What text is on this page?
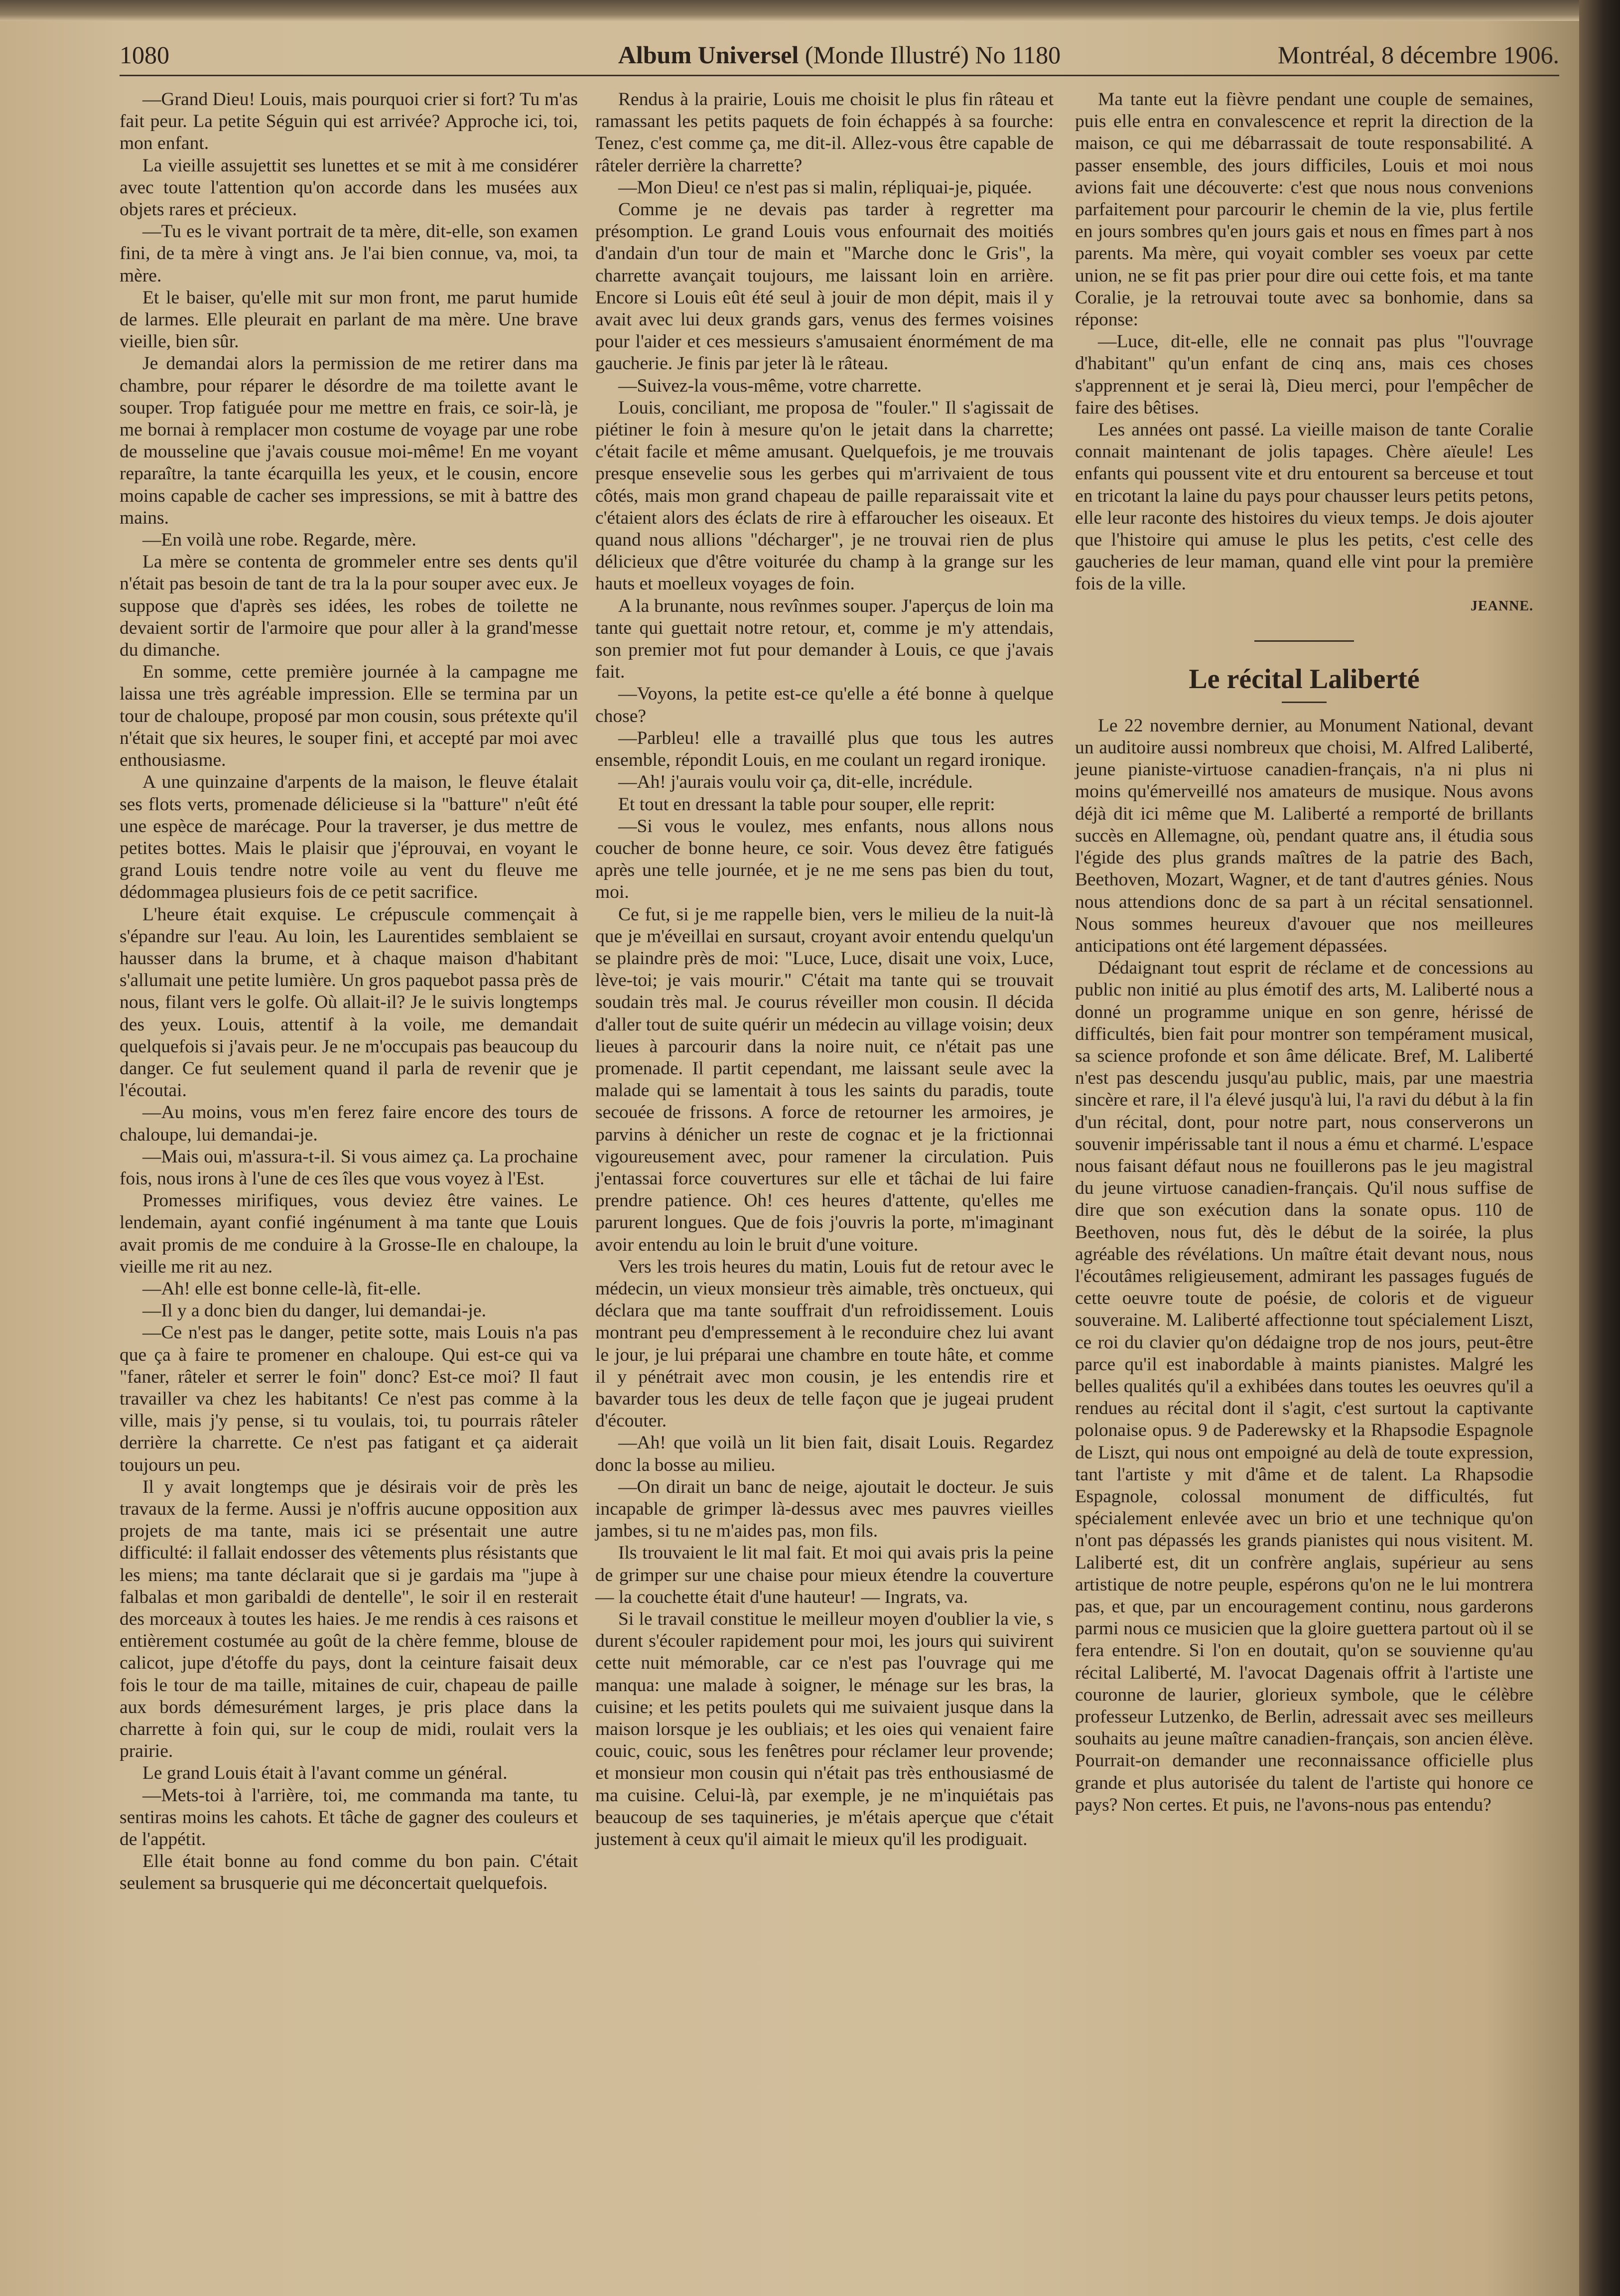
1080	Album Universel (Monde Illustré) No 1180	Montréal, 8 décembre 1906.

—Grand Dieu! Louis, mais pourquoi crier si fort? Tu m'as fait peur. La petite Séguin qui est arrivée? Approche ici, toi, mon enfant.

La vieille assujettit ses lunettes et se mit à me considérer avec toute l'attention qu'on accorde dans les musées aux objets rares et précieux.

—Tu es le vivant portrait de ta mère, dit-elle, son examen fini, de ta mère à vingt ans. Je l'ai bien connue, va, moi, ta mère.

Et le baiser, qu'elle mit sur mon front, me parut humide de larmes. Elle pleurait en parlant de ma mère. Une brave vieille, bien sûr.

Je demandai alors la permission de me retirer dans ma chambre, pour réparer le désordre de ma toilette avant le souper. Trop fatiguée pour me mettre en frais, ce soir-là, je me bornai à remplacer mon costume de voyage par une robe de mousseline que j'avais cousue moi-même! En me voyant reparaître, la tante écarquilla les yeux, et le cousin, encore moins capable de cacher ses impressions, se mit à battre des mains.

—En voilà une robe. Regarde, mère.

La mère se contenta de grommeler entre ses dents qu'il n'était pas besoin de tant de tra la la pour souper avec eux. Je suppose que d'après ses idées, les robes de toilette ne devaient sortir de l'armoire que pour aller à la grand'messe du dimanche.

En somme, cette première journée à la campagne me laissa une très agréable impression. Elle se termina par un tour de chaloupe, proposé par mon cousin, sous prétexte qu'il n'était que six heures, le souper fini, et accepté par moi avec enthousiasme.

A une quinzaine d'arpents de la maison, le fleuve étalait ses flots verts, promenade délicieuse si la "batture" n'eût été une espèce de marécage. Pour la traverser, je dus mettre de petites bottes. Mais le plaisir que j'éprouvai, en voyant le grand Louis tendre notre voile au vent du fleuve me dédommagea plusieurs fois de ce petit sacrifice.

L'heure était exquise. Le crépuscule commençait à s'épandre sur l'eau. Au loin, les Laurentides semblaient se hausser dans la brume, et à chaque maison d'habitant s'allumait une petite lumière. Un gros paquebot passa près de nous, filant vers le golfe. Où allait-il? Je le suivis longtemps des yeux. Louis, attentif à la voile, me demandait quelquefois si j'avais peur. Je ne m'occupais pas beaucoup du danger. Ce fut seulement quand il parla de revenir que je l'écoutai.

—Au moins, vous m'en ferez faire encore des tours de chaloupe, lui demandai-je.

—Mais oui, m'assura-t-il. Si vous aimez ça. La prochaine fois, nous irons à l'une de ces îles que vous voyez à l'Est.

Promesses mirifiques, vous deviez être vaines. Le lendemain, ayant confié ingénument à ma tante que Louis avait promis de me conduire à la Grosse-Ile en chaloupe, la vieille me rit au nez.

—Ah! elle est bonne celle-là, fit-elle.

—Il y a donc bien du danger, lui demandai-je.

—Ce n'est pas le danger, petite sotte, mais Louis n'a pas que ça à faire te promener en chaloupe. Qui est-ce qui va "faner, râteler et serrer le foin" donc? Est-ce moi? Il faut travailler va chez les habitants! Ce n'est pas comme à la ville, mais j'y pense, si tu voulais, toi, tu pourrais râteler derrière la charrette. Ce n'est pas fatigant et ça aiderait toujours un peu.

Il y avait longtemps que je désirais voir de près les travaux de la ferme. Aussi je n'offris aucune opposition aux projets de ma tante, mais ici se présentait une autre difficulté: il fallait endosser des vêtements plus résistants que les miens; ma tante déclarait que si je gardais ma "jupe à falbalas et mon garibaldi de dentelle", le soir il en resterait des morceaux à toutes les haies. Je me rendis à ces raisons et entièrement costumée au goût de la chère femme, blouse de calicot, jupe d'étoffe du pays, dont la ceinture faisait deux fois le tour de ma taille, mitaines de cuir, chapeau de paille aux bords démesurément larges, je pris place dans la charrette à foin qui, sur le coup de midi, roulait vers la prairie.

Le grand Louis était à l'avant comme un général.

—Mets-toi à l'arrière, toi, me commanda ma tante, tu sentiras moins les cahots. Et tâche de gagner des couleurs et de l'appétit.

Elle était bonne au fond comme du bon pain. C'était seulement sa brusquerie qui me déconcertait quelquefois.

Rendus à la prairie, Louis me choisit le plus fin râteau et ramassant les petits paquets de foin échappés à sa fourche: Tenez, c'est comme ça, me dit-il. Allez-vous être capable de râteler derrière la charrette?

—Mon Dieu! ce n'est pas si malin, répliquai-je, piquée.

Comme je ne devais pas tarder à regretter ma présomption. Le grand Louis vous enfournait des moitiés d'andain d'un tour de main et "Marche donc le Gris", la charrette avançait toujours, me laissant loin en arrière. Encore si Louis eût été seul à jouir de mon dépit, mais il y avait avec lui deux grands gars, venus des fermes voisines pour l'aider et ces messieurs s'amusaient énormément de ma gaucherie. Je finis par jeter là le râteau.

—Suivez-la vous-même, votre charrette.

Louis, conciliant, me proposa de "fouler." Il s'agissait de piétiner le foin à mesure qu'on le jetait dans la charrette; c'était facile et même amusant. Quelquefois, je me trouvais presque ensevelie sous les gerbes qui m'arrivaient de tous côtés, mais mon grand chapeau de paille reparaissait vite et c'étaient alors des éclats de rire à effaroucher les oiseaux. Et quand nous allions "décharger", je ne trouvai rien de plus délicieux que d'être voiturée du champ à la grange sur les hauts et moelleux voyages de foin.

A la brunante, nous revînmes souper. J'aperçus de loin ma tante qui guettait notre retour, et, comme je m'y attendais, son premier mot fut pour demander à Louis, ce que j'avais fait.

—Voyons, la petite est-ce qu'elle a été bonne à quelque chose?

—Parbleu! elle a travaillé plus que tous les autres ensemble, répondit Louis, en me coulant un regard ironique.

—Ah! j'aurais voulu voir ça, dit-elle, incrédule.

Et tout en dressant la table pour souper, elle reprit:

—Si vous le voulez, mes enfants, nous allons nous coucher de bonne heure, ce soir. Vous devez être fatigués après une telle journée, et je ne me sens pas bien du tout, moi.

Ce fut, si je me rappelle bien, vers le milieu de la nuit-là que je m'éveillai en sursaut, croyant avoir entendu quelqu'un se plaindre près de moi: "Luce, Luce, disait une voix, Luce, lève-toi; je vais mourir." C'était ma tante qui se trouvait soudain très mal. Je courus réveiller mon cousin. Il décida d'aller tout de suite quérir un médecin au village voisin; deux lieues à parcourir dans la noire nuit, ce n'était pas une promenade. Il partit cependant, me laissant seule avec la malade qui se lamentait à tous les saints du paradis, toute secouée de frissons. A force de retourner les armoires, je parvins à dénicher un reste de cognac et je la frictionnai vigoureusement avec, pour ramener la circulation. Puis j'entassai force couvertures sur elle et tâchai de lui faire prendre patience. Oh! ces heures d'attente, qu'elles me parurent longues. Que de fois j'ouvris la porte, m'imaginant avoir entendu au loin le bruit d'une voiture.

Vers les trois heures du matin, Louis fut de retour avec le médecin, un vieux monsieur très aimable, très onctueux, qui déclara que ma tante souffrait d'un refroidissement. Louis montrant peu d'empressement à le reconduire chez lui avant le jour, je lui préparai une chambre en toute hâte, et comme il y pénétrait avec mon cousin, je les entendis rire et bavarder tous les deux de telle façon que je jugeai prudent d'écouter.

—Ah! que voilà un lit bien fait, disait Louis. Regardez donc la bosse au milieu.

—On dirait un banc de neige, ajoutait le docteur. Je suis incapable de grimper là-dessus avec mes pauvres vieilles jambes, si tu ne m'aides pas, mon fils.

Ils trouvaient le lit mal fait. Et moi qui avais pris la peine de grimper sur une chaise pour mieux étendre la couverture — la couchette était d'une hauteur! — Ingrats, va.

Si le travail constitue le meilleur moyen d'oublier la vie, s durent s'écouler rapidement pour moi, les jours qui suivirent cette nuit mémorable, car ce n'est pas l'ouvrage qui me manqua: une malade à soigner, le ménage sur les bras, la cuisine; et les petits poulets qui me suivaient jusque dans la maison lorsque je les oubliais; et les oies qui venaient faire couic, couic, sous les fenêtres pour réclamer leur provende; et monsieur mon cousin qui n'était pas très enthousiasmé de ma cuisine. Celui-là, par exemple, je ne m'inquiétais pas beaucoup de ses taquineries, je m'étais aperçue que c'était justement à ceux qu'il aimait le mieux qu'il les prodiguait.

Ma tante eut la fièvre pendant une couple de semaines, puis elle entra en convalescence et reprit la direction de la maison, ce qui me débarrassait de toute responsabilité. A passer ensemble, des jours difficiles, Louis et moi nous avions fait une découverte: c'est que nous nous convenions parfaitement pour parcourir le chemin de la vie, plus fertile en jours sombres qu'en jours gais et nous en fîmes part à nos parents. Ma mère, qui voyait combler ses voeux par cette union, ne se fit pas prier pour dire oui cette fois, et ma tante Coralie, je la retrouvai toute avec sa bonhomie, dans sa réponse:

—Luce, dit-elle, elle ne connait pas plus "l'ouvrage d'habitant" qu'un enfant de cinq ans, mais ces choses s'apprennent et je serai là, Dieu merci, pour l'empêcher de faire des bêtises.

Les années ont passé. La vieille maison de tante Coralie connait maintenant de jolis tapages. Chère aïeule! Les enfants qui poussent vite et dru entourent sa berceuse et tout en tricotant la laine du pays pour chausser leurs petits petons, elle leur raconte des histoires du vieux temps. Je dois ajouter que l'histoire qui amuse le plus les petits, c'est celle des gaucheries de leur maman, quand elle vint pour la première fois de la ville.

JEANNE.
Le récital Laliberté

Le 22 novembre dernier, au Monument National, devant un auditoire aussi nombreux que choisi, M. Alfred Laliberté, jeune pianiste-virtuose canadien-français, n'a ni plus ni moins qu'émerveillé nos amateurs de musique. Nous avons déjà dit ici même que M. Laliberté a remporté de brillants succès en Allemagne, où, pendant quatre ans, il étudia sous l'égide des plus grands maîtres de la patrie des Bach, Beethoven, Mozart, Wagner, et de tant d'autres génies. Nous nous attendions donc de sa part à un récital sensationnel. Nous sommes heureux d'avouer que nos meilleures anticipations ont été largement dépassées.

Dédaignant tout esprit de réclame et de concessions au public non initié au plus émotif des arts, M. Laliberté nous a donné un programme unique en son genre, hérissé de difficultés, bien fait pour montrer son tempérament musical, sa science profonde et son âme délicate. Bref, M. Laliberté n'est pas descendu jusqu'au public, mais, par une maestria sincère et rare, il l'a élevé jusqu'à lui, l'a ravi du début à la fin d'un récital, dont, pour notre part, nous conserverons un souvenir impérissable tant il nous a ému et charmé. L'espace nous faisant défaut nous ne fouillerons pas le jeu magistral du jeune virtuose canadien-français. Qu'il nous suffise de dire que son exécution dans la sonate opus. 110 de Beethoven, nous fut, dès le début de la soirée, la plus agréable des révélations. Un maître était devant nous, nous l'écoutâmes religieusement, admirant les passages fugués de cette oeuvre toute de poésie, de coloris et de vigueur souveraine. M. Laliberté affectionne tout spécialement Liszt, ce roi du clavier qu'on dédaigne trop de nos jours, peut-être parce qu'il est inabordable à maints pianistes. Malgré les belles qualités qu'il a exhibées dans toutes les oeuvres qu'il a rendues au récital dont il s'agit, c'est surtout la captivante polonaise opus. 9 de Paderewsky et la Rhapsodie Espagnole de Liszt, qui nous ont empoigné au delà de toute expression, tant l'artiste y mit d'âme et de talent. La Rhapsodie Espagnole, colossal monument de difficultés, fut spécialement enlevée avec un brio et une technique qu'on n'ont pas dépassés les grands pianistes qui nous visitent. M. Laliberté est, dit un confrère anglais, supérieur au sens artistique de notre peuple, espérons qu'on ne le lui montrera pas, et que, par un encouragement continu, nous garderons parmi nous ce musicien que la gloire guettera partout où il se fera entendre. Si l'on en doutait, qu'on se souvienne qu'au récital Laliberté, M. l'avocat Dagenais offrit à l'artiste une couronne de laurier, glorieux symbole, que le célèbre professeur Lutzenko, de Berlin, adressait avec ses meilleurs souhaits au jeune maître canadien-français, son ancien élève. Pourrait-on demander une reconnaissance officielle plus grande et plus autorisée du talent de l'artiste qui honore ce pays? Non certes. Et puis, ne l'avons-nous pas entendu?
